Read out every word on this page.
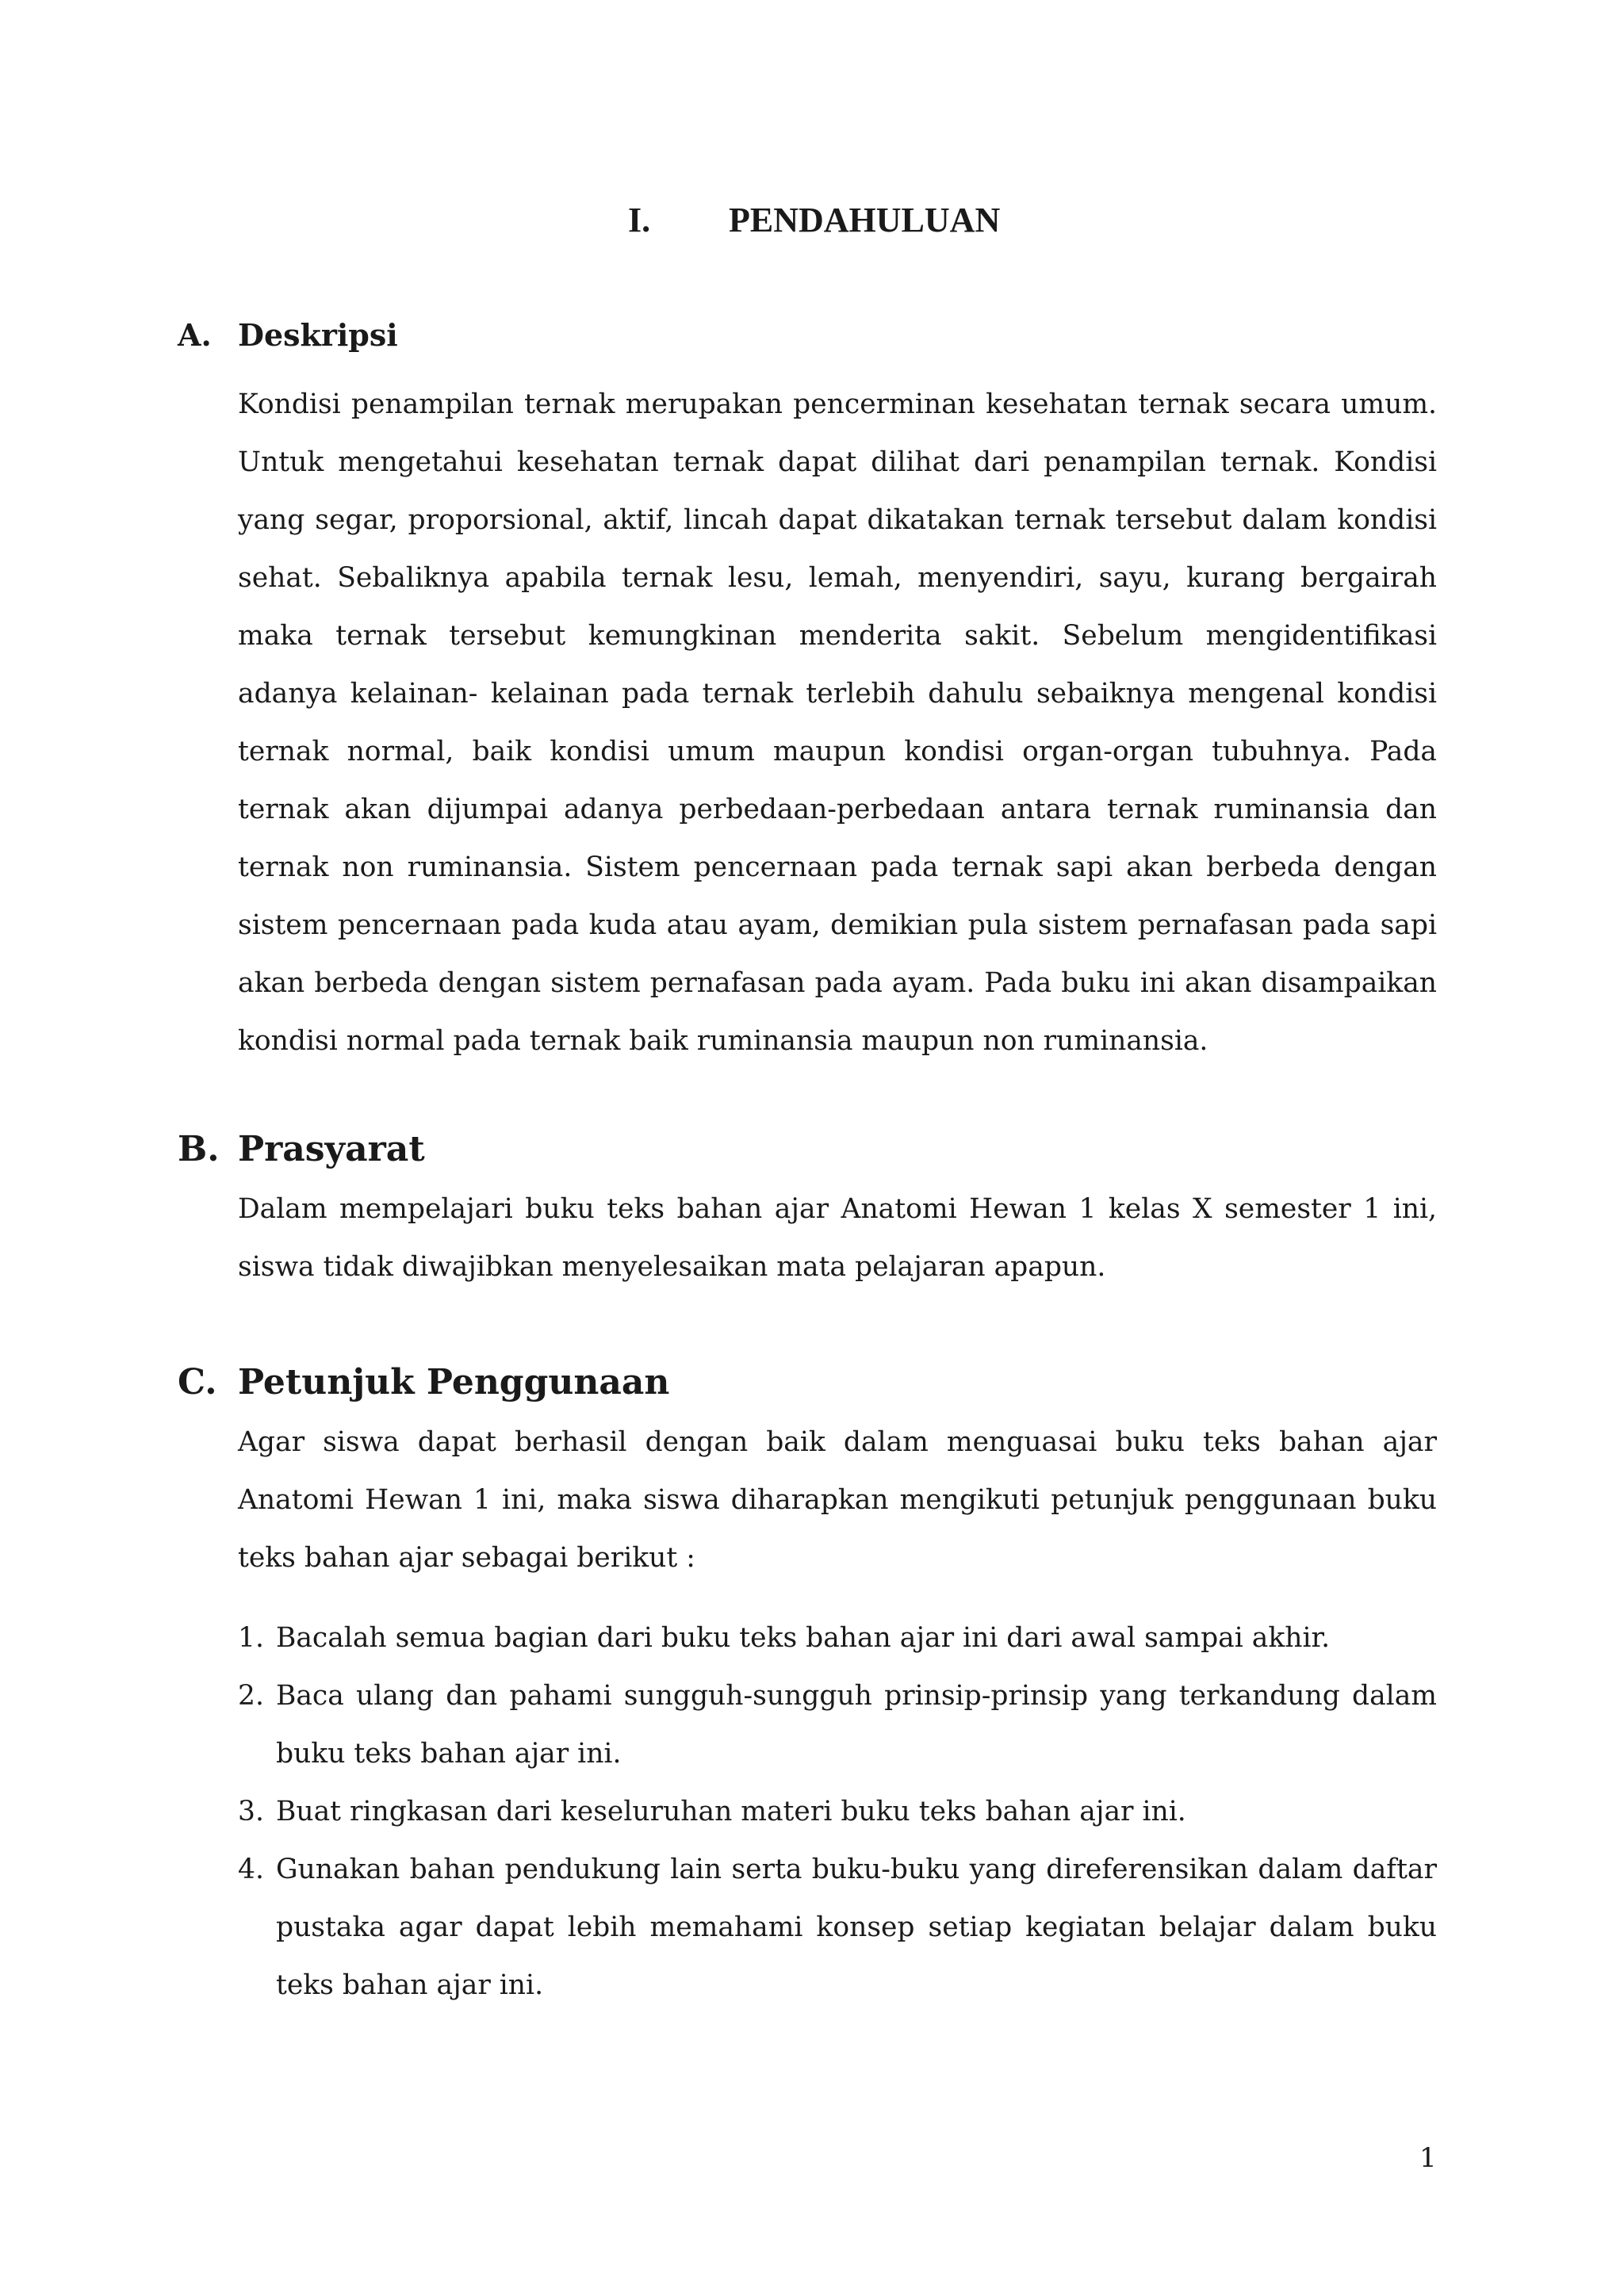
I. PENDAHULUAN
A. Deskripsi

Kondisi penampilan ternak merupakan pencerminan kesehatan ternak secara umum. Untuk mengetahui kesehatan ternak dapat dilihat dari penampilan ternak. Kondisi yang segar, proporsional, aktif, lincah dapat dikatakan ternak tersebut dalam kondisi sehat. Sebaliknya apabila ternak lesu, lemah, menyendiri, sayu, kurang bergairah maka ternak tersebut kemungkinan menderita sakit. Sebelum mengidentifikasi adanya kelainan- kelainan pada ternak terlebih dahulu sebaiknya mengenal kondisi ternak normal, baik kondisi umum maupun kondisi organ-organ tubuhnya. Pada ternak akan dijumpai adanya perbedaan-perbedaan antara ternak ruminansia dan ternak non ruminansia. Sistem pencernaan pada ternak sapi akan berbeda dengan sistem pencernaan pada kuda atau ayam, demikian pula sistem pernafasan pada sapi akan berbeda dengan sistem pernafasan pada ayam. Pada buku ini akan disampaikan kondisi normal pada ternak baik ruminansia maupun non ruminansia.

B. Prasyarat

Dalam mempelajari buku teks bahan ajar Anatomi Hewan 1 kelas X semester 1 ini, siswa tidak diwajibkan menyelesaikan mata pelajaran apapun.

C. Petunjuk Penggunaan

Agar siswa dapat berhasil dengan baik dalam menguasai buku teks bahan ajar Anatomi Hewan 1 ini, maka siswa diharapkan mengikuti petunjuk penggunaan buku teks bahan ajar sebagai berikut :

1. Bacalah semua bagian dari buku teks bahan ajar ini dari awal sampai akhir.
2. Baca ulang dan pahami sungguh-sungguh prinsip-prinsip yang terkandung dalam buku teks bahan ajar ini.
3. Buat ringkasan dari keseluruhan materi buku teks bahan ajar ini.
4. Gunakan bahan pendukung lain serta buku-buku yang direferensikan dalam daftar pustaka agar dapat lebih memahami konsep setiap kegiatan belajar dalam buku teks bahan ajar ini.
1
